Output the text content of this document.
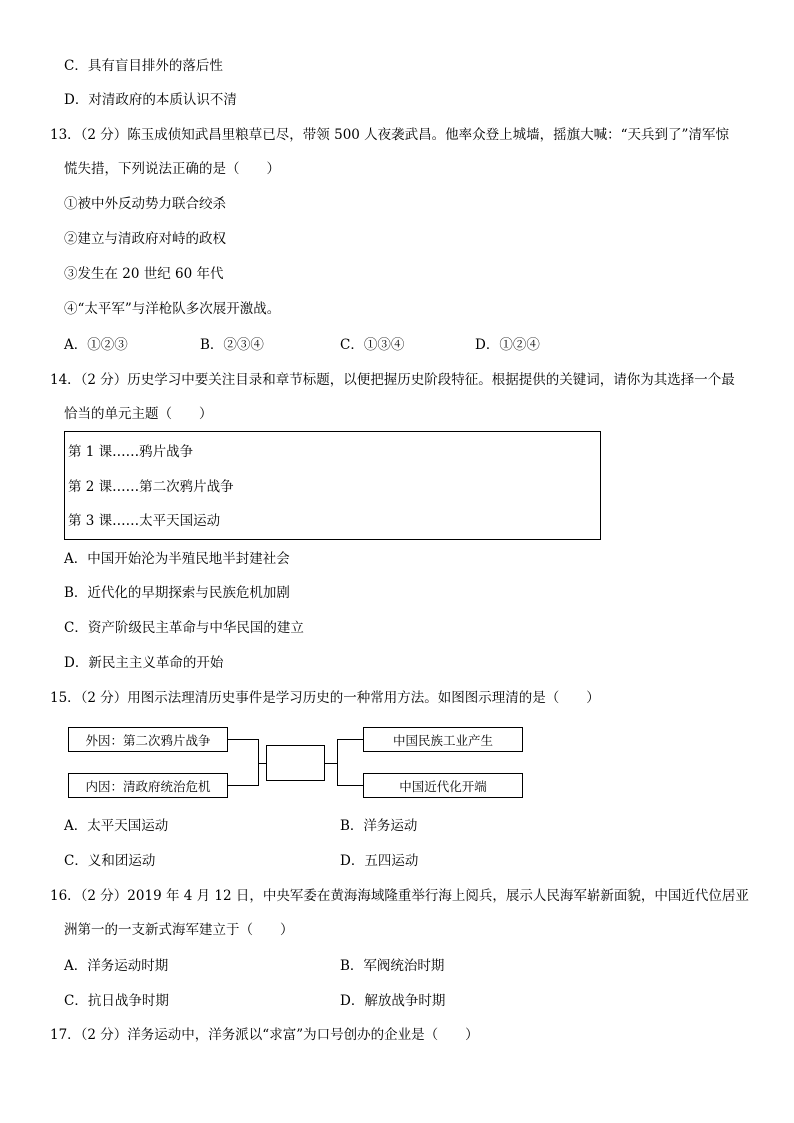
C．具有盲目排外的落后性
D．对清政府的本质认识不清
13．（2 分）陈玉成侦知武昌里粮草已尽，带领 500 人夜袭武昌。他率众登上城墙，摇旗大喊：“天兵到了”清军惊
慌失措，下列说法正确的是（　　）
①被中外反动势力联合绞杀
②建立与清政府对峙的政权
③发生在 20 世纪 60 年代
④“太平军”与洋枪队多次展开激战。
A．①②③	B．②③④	C．①③④	D．①②④
14．（2 分）历史学习中要关注目录和章节标题，以便把握历史阶段特征。根据提供的关键词，请你为其选择一个最
恰当的单元主题（　　）
第 1 课……鸦片战争
第 2 课……第二次鸦片战争
第 3 课……太平天国运动
A．中国开始沦为半殖民地半封建社会
B．近代化的早期探索与民族危机加剧
C．资产阶级民主革命与中华民国的建立
D．新民主主义革命的开始
15．（2 分）用图示法理清历史事件是学习历史的一种常用方法。如图图示理清的是（　　）
外因：第二次鸦片战争
内因：清政府统治危机
中国民族工业产生
中国近代化开端
A．太平天国运动	B．洋务运动
C．义和团运动	D．五四运动
16．（2 分）2019 年 4 月 12 日，中央军委在黄海海域隆重举行海上阅兵，展示人民海军崭新面貌，中国近代位居亚
洲第一的一支新式海军建立于（　　）
A．洋务运动时期	B．军阀统治时期
C．抗日战争时期	D．解放战争时期
17．（2 分）洋务运动中，洋务派以“求富”为口号创办的企业是（　　）
